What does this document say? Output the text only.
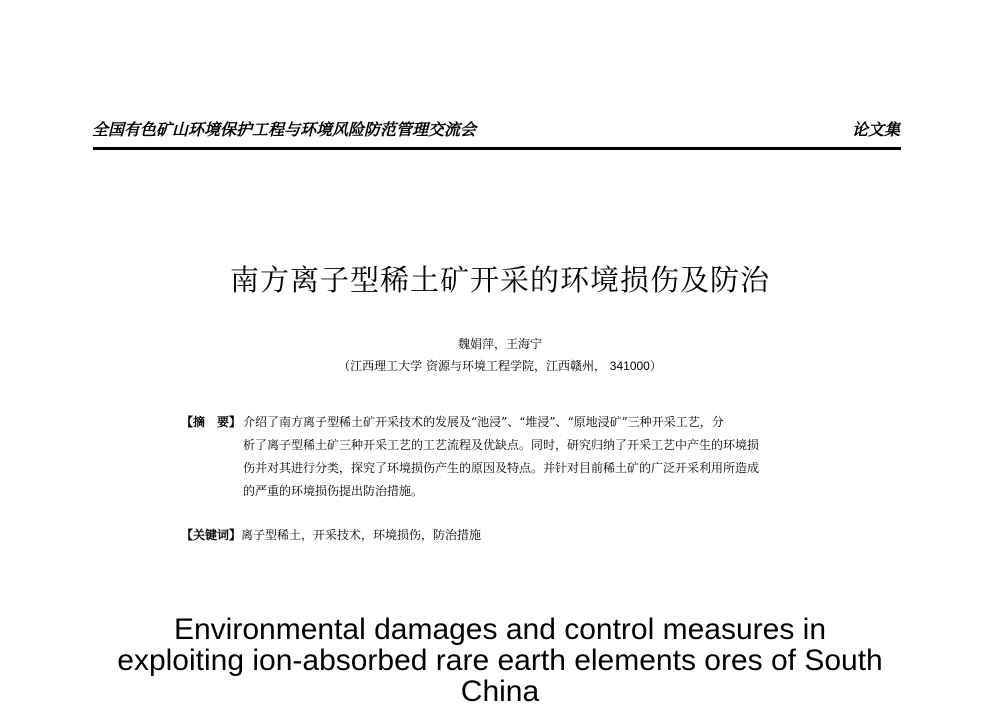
全国有色矿山环境保护工程与环境风险防范管理交流会	论文集
南方离子型稀土矿开采的环境损伤及防治
魏娟萍，王海宁
（江西理工大学 资源与环境工程学院，江西赣州， 341000）
【摘　要】 介绍了南方离子型稀土矿开采技术的发展及“池浸”、“堆浸”、“原地浸矿”三种开采工艺，分
析了离子型稀土矿三种开采工艺的工艺流程及优缺点。同时，研究归纳了开采工艺中产生的环境损
伤并对其进行分类，探究了环境损伤产生的原因及特点。并针对目前稀土矿的广泛开采利用所造成
的严重的环境损伤提出防治措施。
【关键词】离子型稀土，开采技术，环境损伤，防治措施
Environmental damages and control measures in
exploiting ion-absorbed rare earth elements ores of South
China
